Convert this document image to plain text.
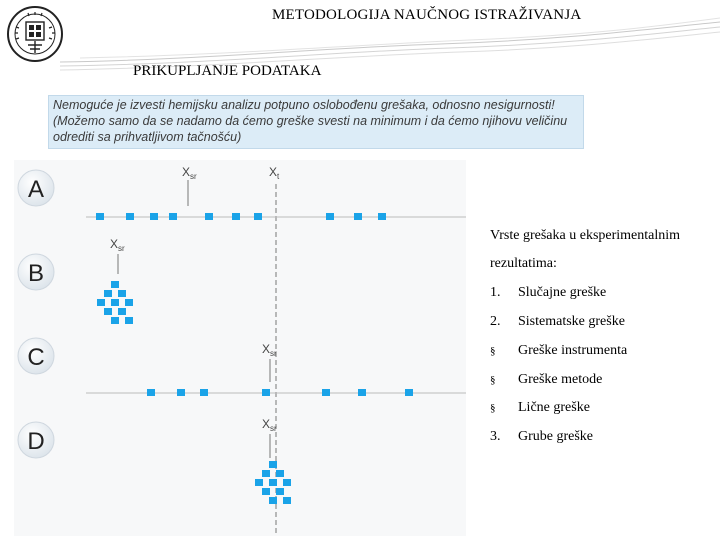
METODOLOGIJA NAUČNOG ISTRAŽIVANJA
PRIKUPLJANJE PODATAKA
Nemoguće je izvesti hemijsku analizu potpuno oslobođenu grešaka, odnosno nesigurnosti!
(Možemo samo da se nadamo da ćemo greške svesti na minimum i da ćemo njihovu veličinu
odrediti sa prihvatljivom tačnošću)
A
$X_{sr}$	$X_t$
B
$X_{sr}$
C	$X_{sr}$
D
$X_{sr}$
Vrste grešaka u eksperimentalnim
rezultatima:
1. Slučajne greške
2. Sistematske greške
§ Greške instrumenta
§ Greške metode
§ Lične greške
3. Grube greške
